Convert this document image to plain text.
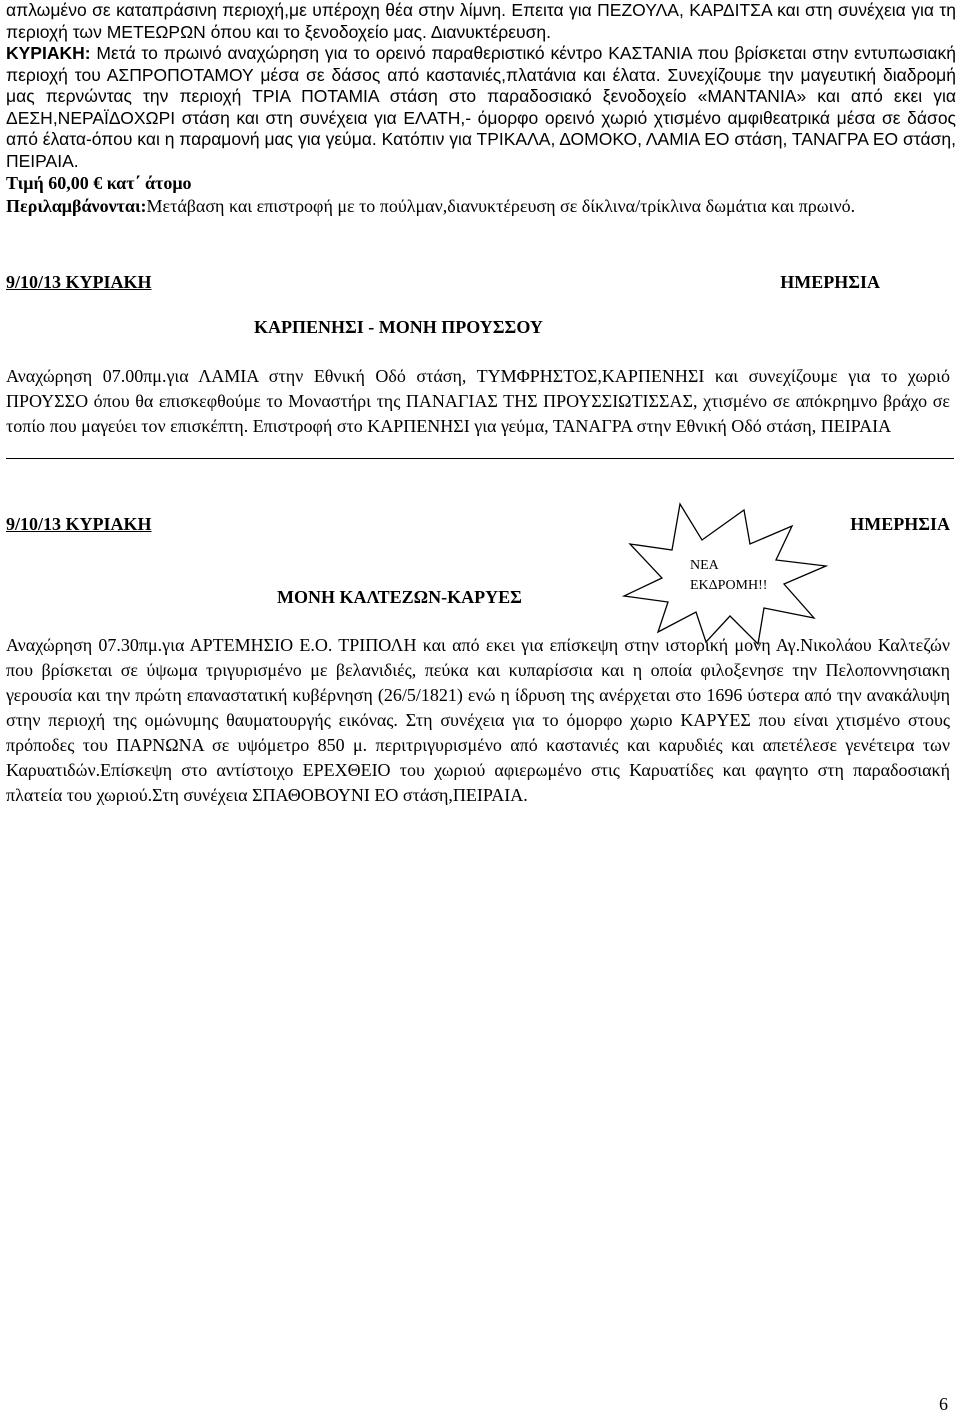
απλωμένο σε καταπράσινη περιοχή,με υπέροχη θέα στην λίμνη. Επειτα για ΠΕΖΟΥΛΑ, ΚΑΡΔΙΤΣΑ και στη συνέχεια για τη περιοχή των ΜΕΤΕΩΡΩΝ όπου και το ξενοδοχείο μας. Διανυκτέρευση.

ΚΥΡΙΑΚΗ: Μετά το πρωινό αναχώρηση για το ορεινό παραθεριστικό κέντρο ΚΑΣΤΑΝΙΑ που βρίσκεται στην εντυπωσιακή περιοχή του ΑΣΠΡΟΠΟΤΑΜΟΥ μέσα σε δάσος από καστανιές,πλατάνια και έλατα. Συνεχίζουμε την μαγευτική διαδρομή μας περνώντας την περιοχή ΤΡΙΑ ΠΟΤΑΜΙΑ στάση στο παραδοσιακό ξενοδοχείο «ΜΑΝΤΑΝΙΑ» και από εκει για ΔΕΣΗ,ΝΕΡΑΪΔΟΧΩΡΙ στάση και στη συνέχεια για ΕΛΑΤΗ,- όμορφο ορεινό χωριό χτισμένο αμφιθεατρικά μέσα σε δάσος από έλατα-όπου και η παραμονή μας για γεύμα. Κατόπιν για ΤΡΙΚΑΛΑ, ΔΟΜΟΚΟ, ΛΑΜΙΑ ΕΟ στάση, ΤΑΝΑΓΡΑ ΕΟ στάση, ΠΕΙΡΑΙΑ.

Τιμή 60,00 € κατ΄ άτομο

Περιλαμβάνονται:Μετάβαση και επιστροφή με το πούλμαν,διανυκτέρευση σε δίκλινα/τρίκλινα δωμάτια και πρωινό.

9/10/13 ΚΥΡΙΑΚΗ	ΗΜΕΡΗΣΙΑ
ΚΑΡΠΕΝΗΣΙ - ΜΟΝΗ ΠΡΟΥΣΣΟΥ

Αναχώρηση 07.00πμ.για ΛΑΜΙΑ στην Εθνική Οδό στάση, ΤΥΜΦΡΗΣΤΟΣ,ΚΑΡΠΕΝΗΣΙ και συνεχίζουμε για το χωριό ΠΡΟΥΣΣΟ όπου θα επισκεφθούμε το Μοναστήρι της ΠΑΝΑΓΙΑΣ ΤΗΣ ΠΡΟΥΣΣΙΩΤΙΣΣΑΣ, χτισμένο σε απόκρημνο βράχο σε τοπίο που μαγεύει τον επισκέπτη. Επιστροφή στο ΚΑΡΠΕΝΗΣΙ για γεύμα, ΤΑΝΑΓΡΑ στην Εθνική Οδό στάση, ΠΕΙΡΑΙΑ

9/10/13 ΚΥΡΙΑΚΗ	ΗΜΕΡΗΣΙΑ
ΝΕΑ
ΕΚΔΡΟΜΗ!!
ΜΟΝΗ ΚΑΛΤΕΖΩΝ-ΚΑΡΥΕΣ

Αναχώρηση 07.30πμ.για ΑΡΤΕΜΗΣΙΟ Ε.Ο. ΤΡΙΠΟΛΗ και από εκει για επίσκεψη στην ιστορική μονη Αγ.Νικολάου Καλτεζών που βρίσκεται σε ύψωμα τριγυρισμένο με βελανιδιές, πεύκα και κυπαρίσσια και η οποία φιλοξενησε την Πελοποννησιακη γερουσία και την πρώτη επαναστατική κυβέρνηση (26/5/1821) ενώ η ίδρυση της ανέρχεται στο 1696 ύστερα από την ανακάλυψη στην περιοχή της ομώνυμης θαυματουργής εικόνας. Στη συνέχεια για το όμορφο χωριο ΚΑΡΥΕΣ που είναι χτισμένο στους πρόποδες του ΠΑΡΝΩΝΑ σε υψόμετρο 850 μ. περιτριγυρισμένο από καστανιές και καρυδιές και απετέλεσε γενέτειρα των Καρυατιδών.Επίσκεψη στο αντίστοιχο ΕΡΕΧΘΕΙΟ του χωριού αφιερωμένο στις Καρυατίδες και φαγητο στη παραδοσιακή πλατεία του χωριού.Στη συνέχεια ΣΠΑΘΟΒΟΥΝΙ ΕΟ στάση,ΠΕΙΡΑΙΑ.

6
